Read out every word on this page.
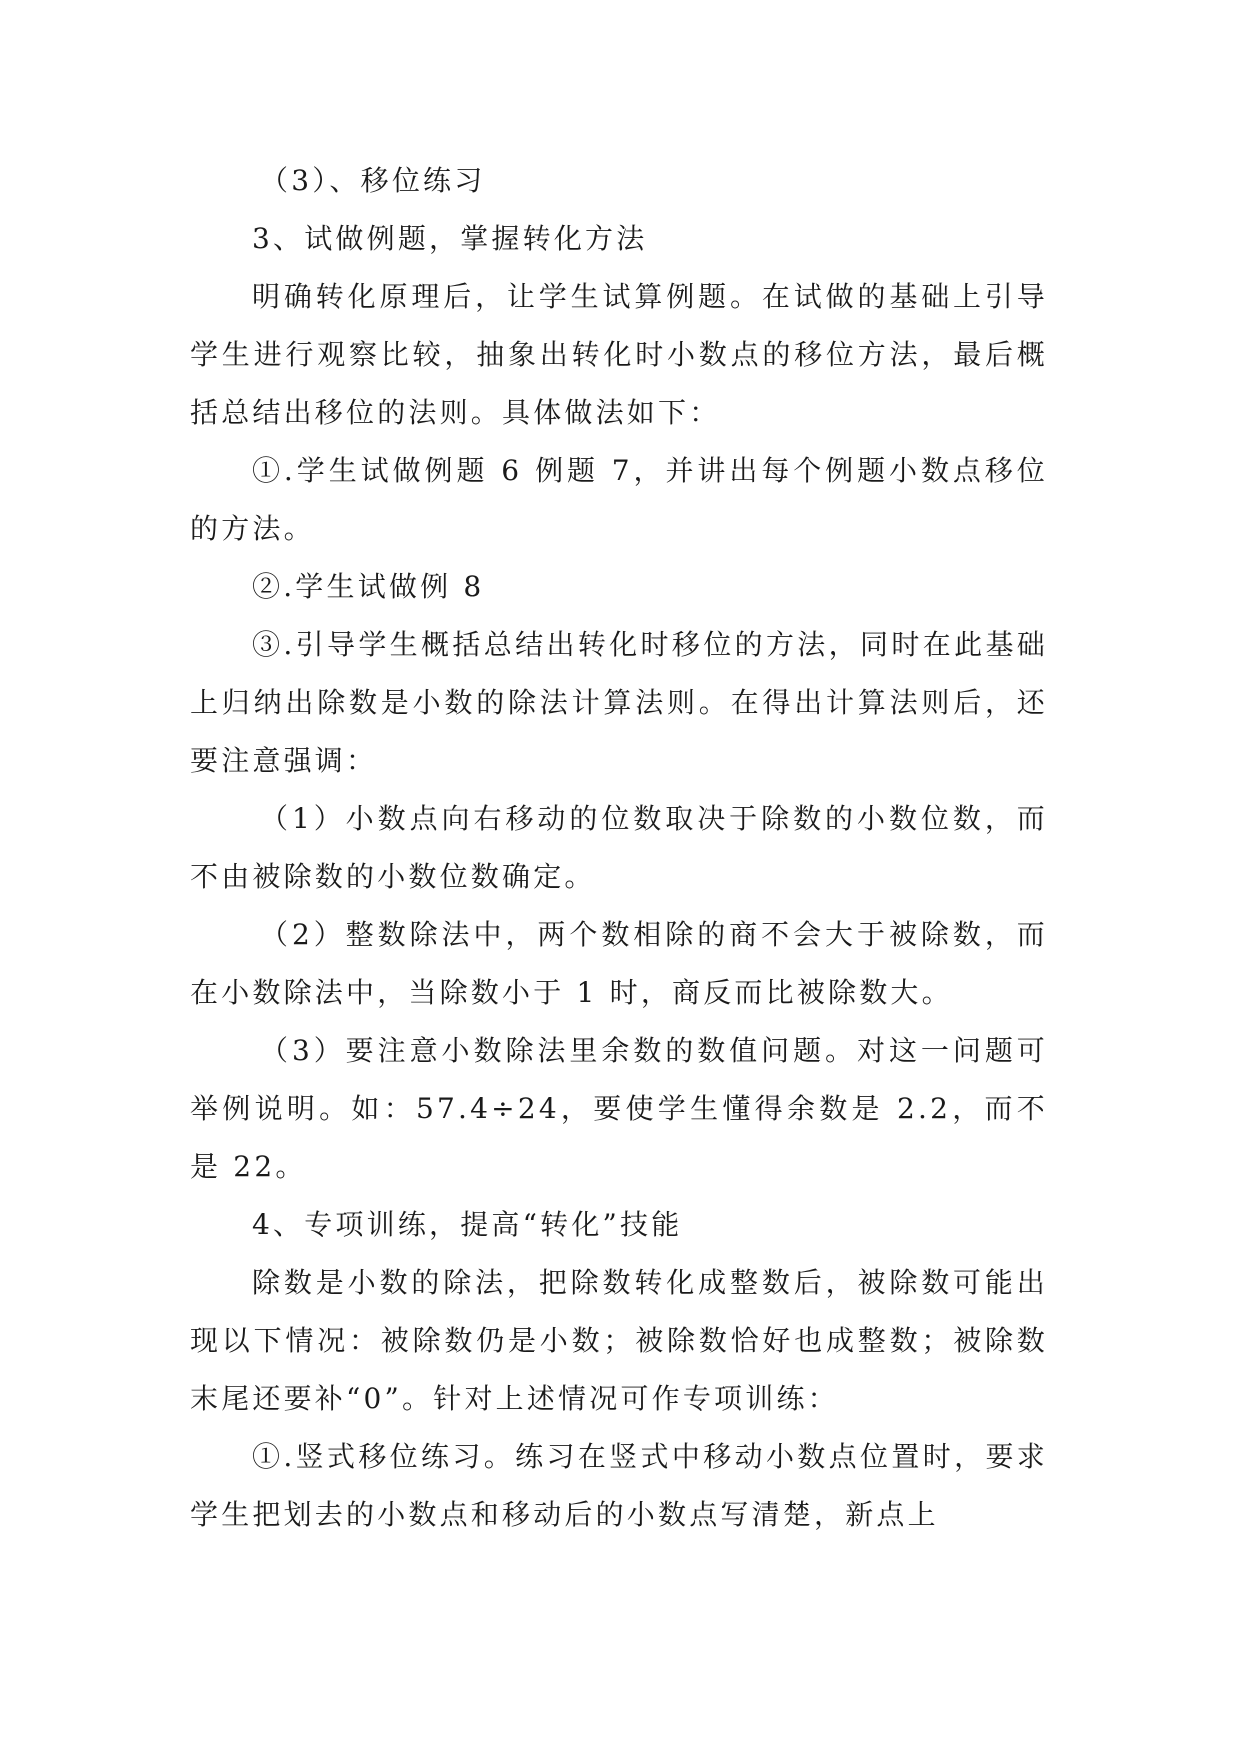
（3）、移位练习

3、试做例题，掌握转化方法

明确转化原理后，让学生试算例题。在试做的基础上引导学生进行观察比较，抽象出转化时小数点的移位方法，最后概括总结出移位的法则。具体做法如下：

①.学生试做例题 6 例题 7，并讲出每个例题小数点移位的方法。

②.学生试做例 8

③.引导学生概括总结出转化时移位的方法，同时在此基础上归纳出除数是小数的除法计算法则。在得出计算法则后，还要注意强调：

（1）小数点向右移动的位数取决于除数的小数位数，而不由被除数的小数位数确定。

（2）整数除法中，两个数相除的商不会大于被除数，而在小数除法中，当除数小于 1 时，商反而比被除数大。

（3）要注意小数除法里余数的数值问题。对这一问题可举例说明。如：57.4÷24，要使学生懂得余数是 2.2，而不是 22。

4、专项训练，提高“转化”技能

除数是小数的除法，把除数转化成整数后，被除数可能出现以下情况：被除数仍是小数；被除数恰好也成整数；被除数末尾还要补“0”。针对上述情况可作专项训练：

①.竖式移位练习。练习在竖式中移动小数点位置时，要求学生把划去的小数点和移动后的小数点写清楚，新点上
